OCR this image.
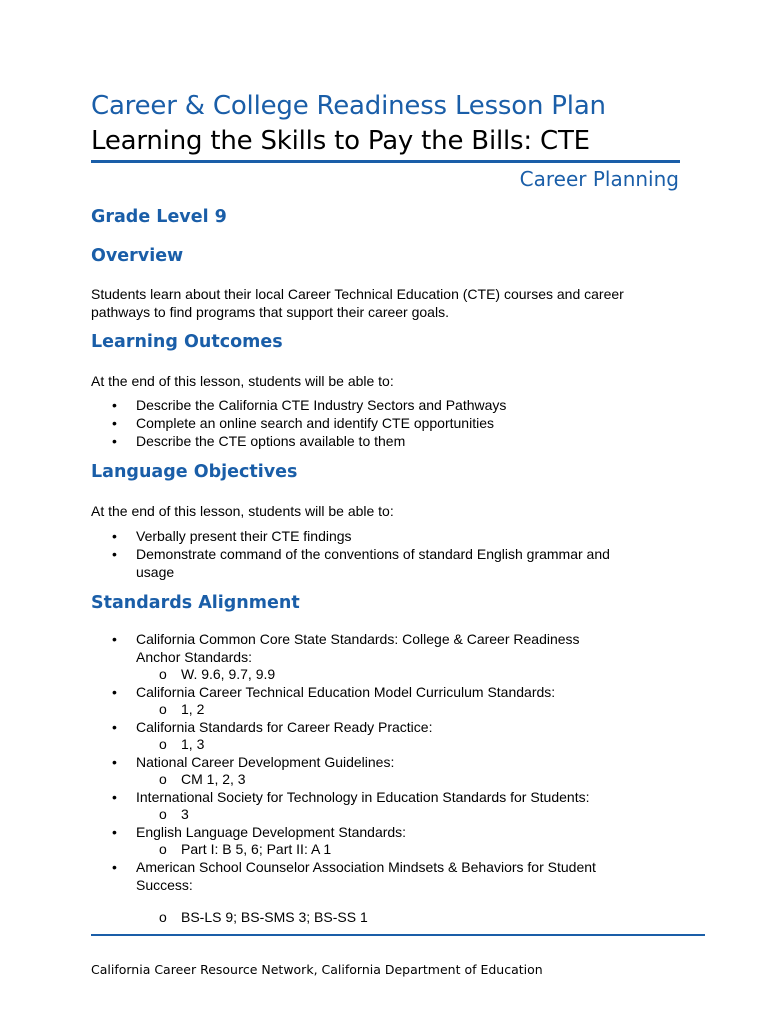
Career & College Readiness Lesson Plan
Learning the Skills to Pay the Bills: CTE
Career Planning
Grade Level 9
Overview
Students learn about their local Career Technical Education (CTE) courses and career
pathways to find programs that support their career goals.
Learning Outcomes
At the end of this lesson, students will be able to:
• Describe the California CTE Industry Sectors and Pathways
• Complete an online search and identify CTE opportunities
• Describe the CTE options available to them
Language Objectives
At the end of this lesson, students will be able to:
• Verbally present their CTE findings
• Demonstrate command of the conventions of standard English grammar and
usage
Standards Alignment
• California Common Core State Standards: College & Career Readiness
Anchor Standards:
o W. 9.6, 9.7, 9.9
• California Career Technical Education Model Curriculum Standards:
o 1, 2
• California Standards for Career Ready Practice:
o 1, 3
• National Career Development Guidelines:
o CM 1, 2, 3
• International Society for Technology in Education Standards for Students:
o 3
• English Language Development Standards:
o Part I: B 5, 6; Part II: A 1
• American School Counselor Association Mindsets & Behaviors for Student
Success:
o BS-LS 9; BS-SMS 3; BS-SS 1
California Career Resource Network, California Department of Education
